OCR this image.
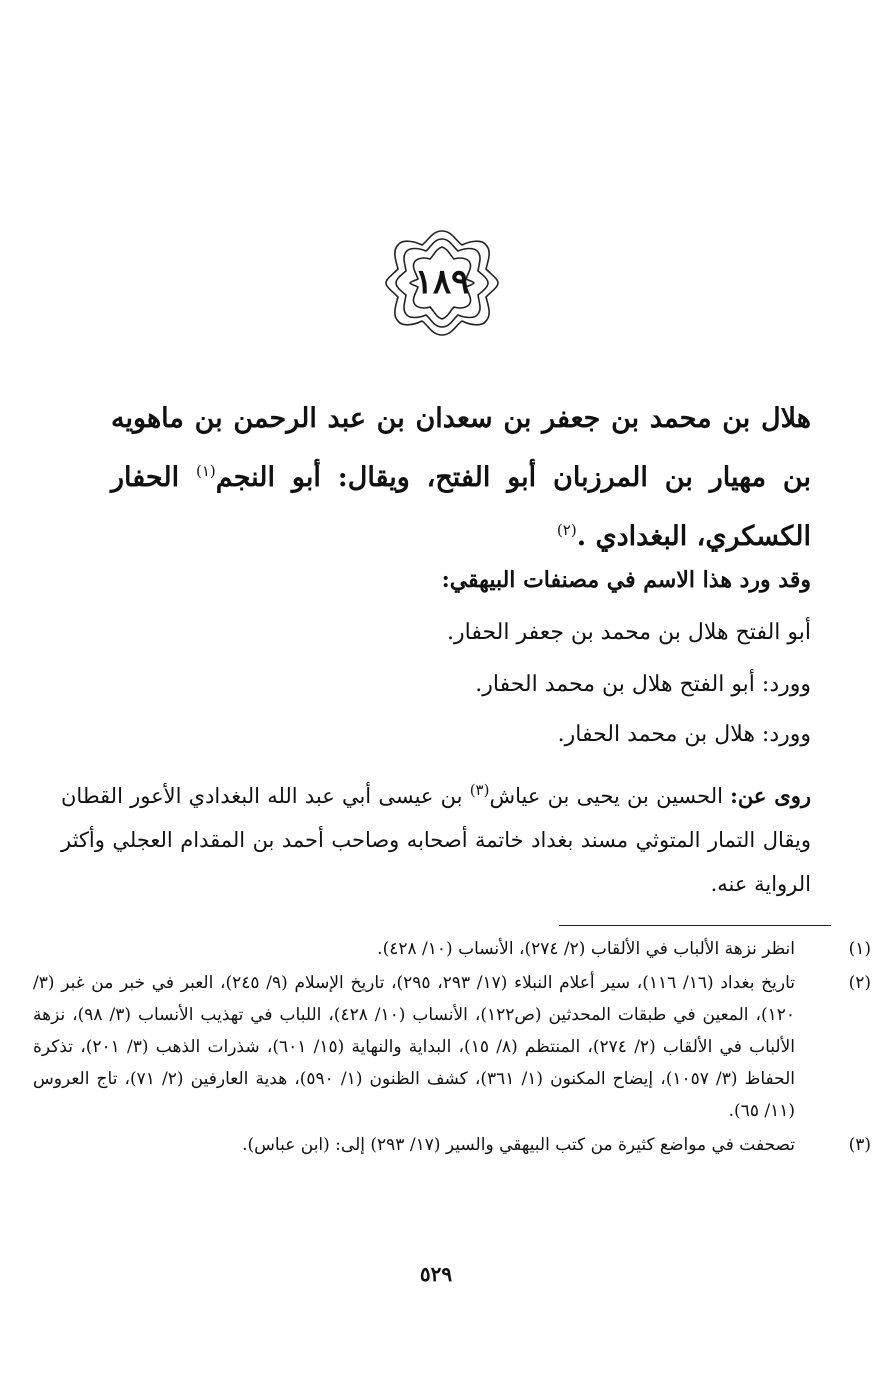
١٨٩
هلال بن محمد بن جعفر بن سعدان بن عبد الرحمن بن ماهويه بن مهيار بن المرزبان أبو الفتح، ويقال: أبو النجم$^{(١)}$ الحفار الكسكري، البغدادي .$^{(٢)}$
وقد ورد هذا الاسم في مصنفات البيهقي:
أبو الفتح هلال بن محمد بن جعفر الحفار.
وورد: أبو الفتح هلال بن محمد الحفار.
وورد: هلال بن محمد الحفار.
روى عن: الحسين بن يحيى بن عياش$^{(٣)}$ بن عيسى أبي عبد الله البغدادي الأعور القطان ويقال التمار المتوثي مسند بغداد خاتمة أصحابه وصاحب أحمد بن المقدام العجلي وأكثر الرواية عنه.

(١)انظر نزهة الألباب في الألقاب (٢/ ٢٧٤)، الأنساب (١٠/ ٤٢٨).

(٢)تاريخ بغداد (١٦/ ١١٦)، سير أعلام النبلاء (١٧/ ٢٩٣، ٢٩٥)، تاريخ الإسلام (٩/ ٢٤٥)، العبر في خبر من غبر (٣/ ١٢٠)، المعين في طبقات المحدثين (ص١٢٢)، الأنساب (١٠/ ٤٢٨)، اللباب في تهذيب الأنساب (٣/ ٩٨)، نزهة الألباب في الألقاب (٢/ ٢٧٤)، المنتظم (٨/ ١٥)، البداية والنهاية (١٥/ ٦٠١)، شذرات الذهب (٣/ ٢٠١)، تذكرة الحفاظ (٣/ ١٠٥٧)، إيضاح المكنون (١/ ٣٦١)، كشف الظنون (١/ ٥٩٠)، هدية العارفين (٢/ ٧١)، تاج العروس (١١/ ٦٥).

(٣)تصحفت في مواضع كثيرة من كتب البيهقي والسير (١٧/ ٢٩٣) إلى: (ابن عباس).

٥٢٩
